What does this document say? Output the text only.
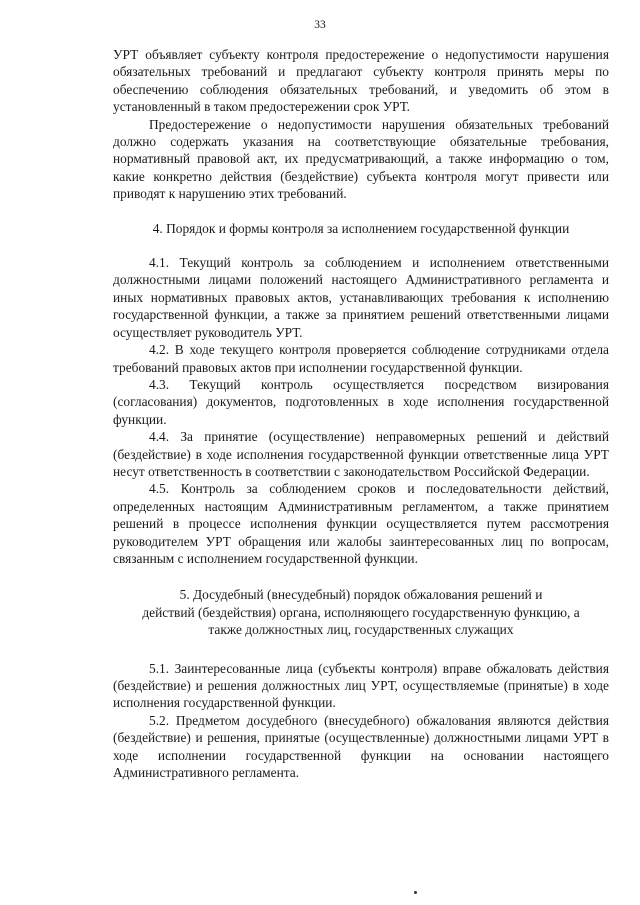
33

УРТ объявляет субъекту контроля предостережение о недопустимости нарушения обязательных требований и предлагают субъекту контроля принять меры по обеспечению соблюдения обязательных требований, и уведомить об этом в установленный в таком предостережении срок УРТ.

Предостережение о недопустимости нарушения обязательных требований должно содержать указания на соответствующие обязательные требования, нормативный правовой акт, их предусматривающий, а также информацию о том, какие конкретно действия (бездействие) субъекта контроля могут привести или приводят к нарушению этих требований.

4. Порядок и формы контроля за исполнением государственной функции

4.1. Текущий контроль за соблюдением и исполнением ответственными должностными лицами положений настоящего Административного регламента и иных нормативных правовых актов, устанавливающих требования к исполнению государственной функции, а также за принятием решений ответственными лицами осуществляет руководитель УРТ.

4.2. В ходе текущего контроля проверяется соблюдение сотрудниками отдела требований правовых актов при исполнении государственной функции.

4.3. Текущий контроль осуществляется посредством визирования (согласования) документов, подготовленных в ходе исполнения государственной функции.

4.4. За принятие (осуществление) неправомерных решений и действий (бездействие) в ходе исполнения государственной функции ответственные лица УРТ несут ответственность в соответствии с законодательством Российской Федерации.

4.5. Контроль за соблюдением сроков и последовательности действий, определенных настоящим Административным регламентом, а также принятием решений в процессе исполнения функции осуществляется путем рассмотрения руководителем УРТ обращения или жалобы заинтересованных лиц по вопросам, связанным с исполнением государственной функции.

5. Досудебный (внесудебный) порядок обжалования решений и

действий (бездействия) органа, исполняющего государственную функцию, а

также должностных лиц, государственных служащих

5.1. Заинтересованные лица (субъекты контроля) вправе обжаловать действия (бездействие) и решения должностных лиц УРТ, осуществляемые (принятые) в ходе исполнения государственной функции.

5.2. Предметом досудебного (внесудебного) обжалования являются действия (бездействие) и решения, принятые (осуществленные) должностными лицами УРТ в ходе исполнении государственной функции на основании настоящего Административного регламента.
